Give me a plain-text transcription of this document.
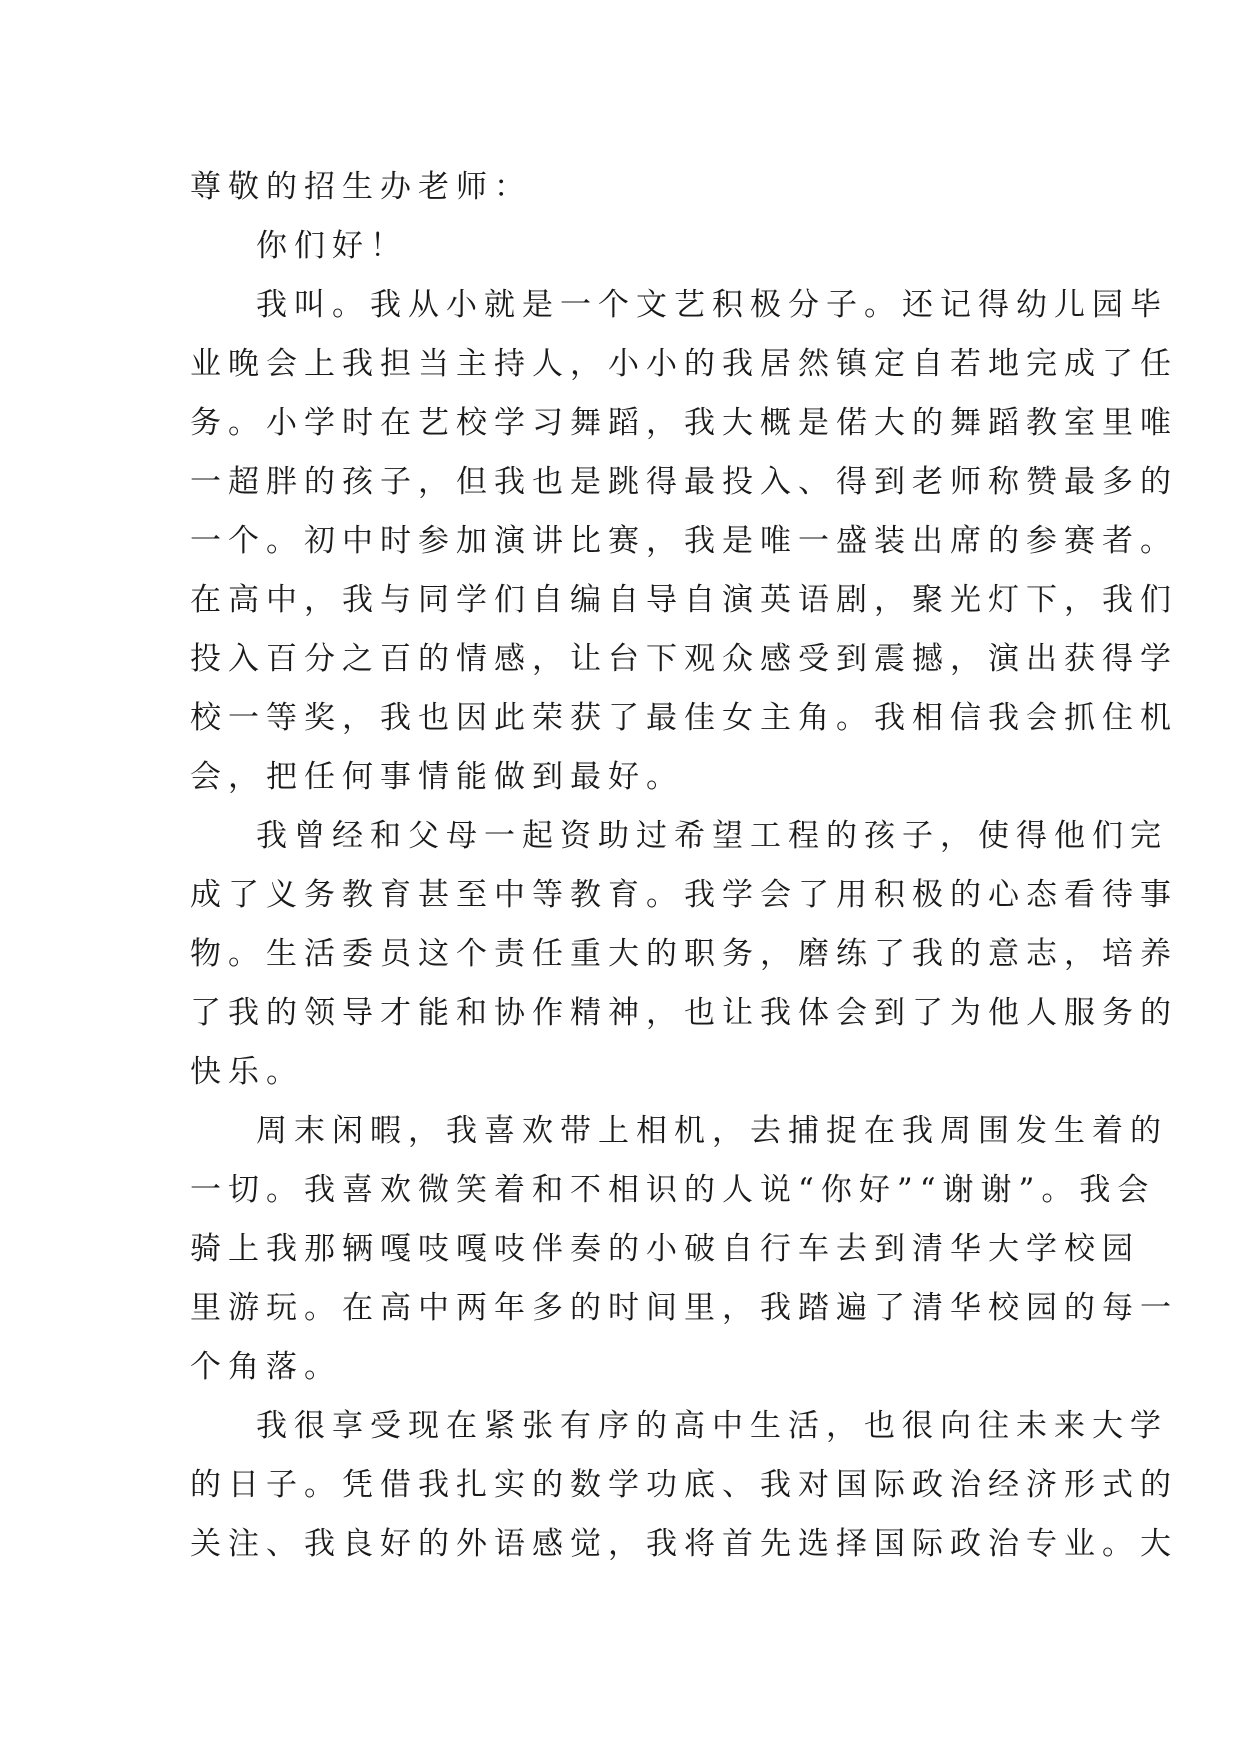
尊敬的招生办老师：
你们好！
我叫。我从小就是一个文艺积极分子。还记得幼儿园毕
业晚会上我担当主持人，小小的我居然镇定自若地完成了任
务。小学时在艺校学习舞蹈，我大概是偌大的舞蹈教室里唯
一超胖的孩子，但我也是跳得最投入、得到老师称赞最多的
一个。初中时参加演讲比赛，我是唯一盛装出席的参赛者。
在高中，我与同学们自编自导自演英语剧，聚光灯下，我们
投入百分之百的情感，让台下观众感受到震撼，演出获得学
校一等奖，我也因此荣获了最佳女主角。我相信我会抓住机
会，把任何事情能做到最好。
我曾经和父母一起资助过希望工程的孩子，使得他们完
成了义务教育甚至中等教育。我学会了用积极的心态看待事
物。生活委员这个责任重大的职务，磨练了我的意志，培养
了我的领导才能和协作精神，也让我体会到了为他人服务的
快乐。
周末闲暇，我喜欢带上相机，去捕捉在我周围发生着的
一切。我喜欢微笑着和不相识的人说“你好”“谢谢”。我会
骑上我那辆嘎吱嘎吱伴奏的小破自行车去到清华大学校园
里游玩。在高中两年多的时间里，我踏遍了清华校园的每一
个角落。
我很享受现在紧张有序的高中生活，也很向往未来大学
的日子。凭借我扎实的数学功底、我对国际政治经济形式的
关注、我良好的外语感觉，我将首先选择国际政治专业。大
